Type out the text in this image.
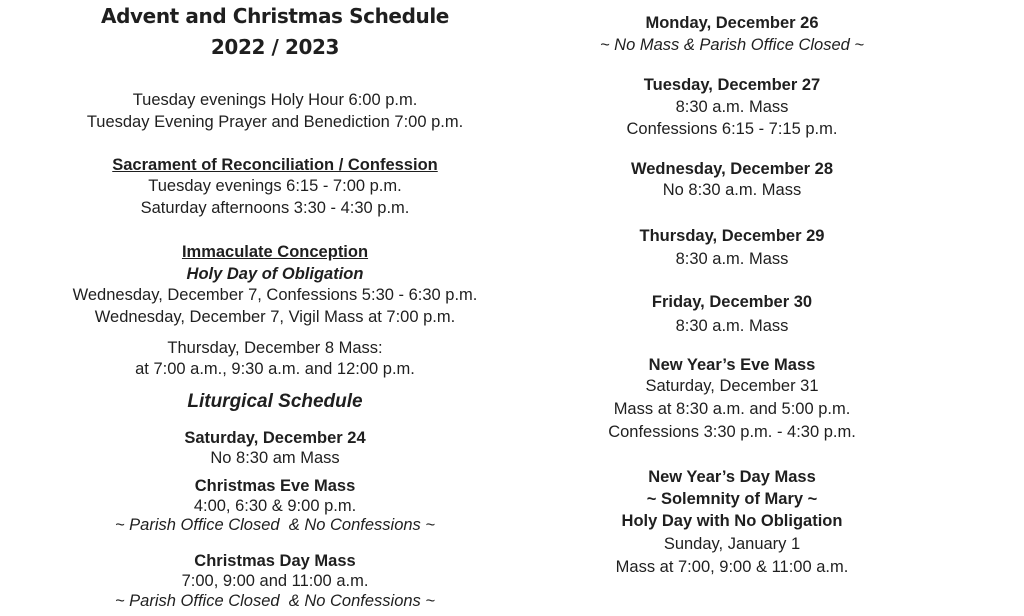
Advent and Christmas Schedule
2022 / 2023
Tuesday evenings Holy Hour 6:00 p.m.
Tuesday Evening Prayer and Benediction 7:00 p.m.
Sacrament of Reconciliation / Confession
Tuesday evenings 6:15 - 7:00 p.m.
Saturday afternoons 3:30 - 4:30 p.m.
Immaculate Conception
Holy Day of Obligation
Wednesday, December 7, Confessions 5:30 - 6:30 p.m.
Wednesday, December 7, Vigil Mass at 7:00 p.m.
Thursday, December 8 Mass:
at 7:00 a.m., 9:30 a.m. and 12:00 p.m.
Liturgical Schedule
Saturday, December 24
No 8:30 am Mass
Christmas Eve Mass
4:00, 6:30 & 9:00 p.m.
~ Parish Office Closed  & No Confessions ~
Christmas Day Mass
7:00, 9:00 and 11:00 a.m.
~ Parish Office Closed  & No Confessions ~
Monday, December 26
~ No Mass & Parish Office Closed ~
Tuesday, December 27
8:30 a.m. Mass
Confessions 6:15 - 7:15 p.m.
Wednesday, December 28
No 8:30 a.m. Mass
Thursday, December 29
8:30 a.m. Mass
Friday, December 30
8:30 a.m. Mass
New Year’s Eve Mass
Saturday, December 31
Mass at 8:30 a.m. and 5:00 p.m.
Confessions 3:30 p.m. - 4:30 p.m.
New Year’s Day Mass
~ Solemnity of Mary ~
Holy Day with No Obligation
Sunday, January 1
Mass at 7:00, 9:00 & 11:00 a.m.
